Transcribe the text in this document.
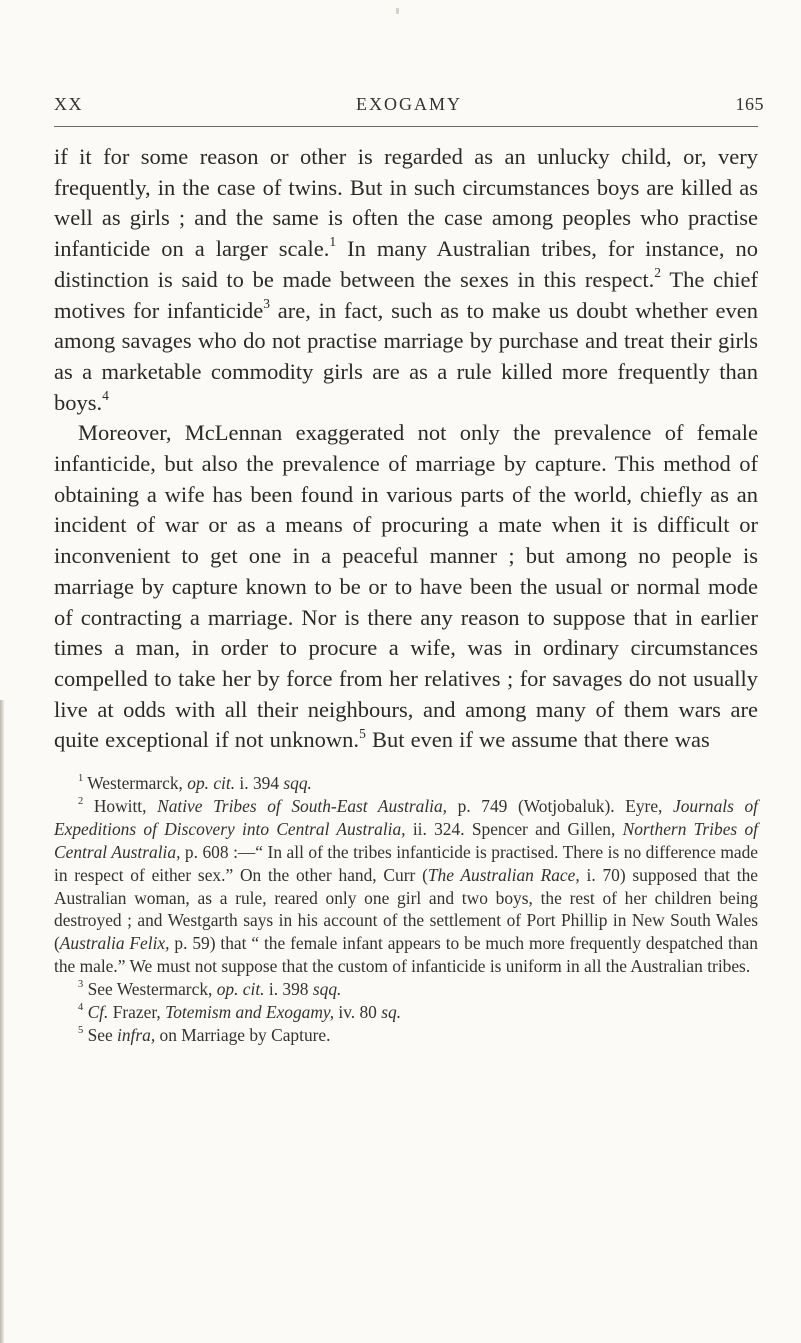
XX	EXOGAMY	165

if it for some reason or other is regarded as an unlucky child, or, very frequently, in the case of twins. But in such circumstances boys are killed as well as girls ; and the same is often the case among peoples who practise infanticide on a larger scale.$^1$ In many Australian tribes, for instance, no distinction is said to be made between the sexes in this respect.$^2$ The chief motives for infanticide$^3$ are, in fact, such as to make us doubt whether even among savages who do not practise marriage by purchase and treat their girls as a marketable commodity girls are as a rule killed more frequently than boys.$^4$

Moreover, McLennan exaggerated not only the prevalence of female infanticide, but also the prevalence of marriage by capture. This method of obtaining a wife has been found in various parts of the world, chiefly as an incident of war or as a means of procuring a mate when it is difficult or inconvenient to get one in a peaceful manner ; but among no people is marriage by capture known to be or to have been the usual or normal mode of contracting a marriage. Nor is there any reason to suppose that in earlier times a man, in order to procure a wife, was in ordinary circumstances compelled to take her by force from her relatives ; for savages do not usually live at odds with all their neighbours, and among many of them wars are quite exceptional if not unknown.$^5$ But even if we assume that there was

$^1$ Westermarck, op. cit. i. 394 sqq.

$^2$ Howitt, Native Tribes of South-East Australia, p. 749 (Wotjobaluk). Eyre, Journals of Expeditions of Discovery into Central Australia, ii. 324. Spencer and Gillen, Northern Tribes of Central Australia, p. 608 :—“ In all of the tribes infanticide is practised. There is no difference made in respect of either sex.” On the other hand, Curr (The Australian Race, i. 70) supposed that the Australian woman, as a rule, reared only one girl and two boys, the rest of her children being destroyed ; and Westgarth says in his account of the settlement of Port Phillip in New South Wales (Australia Felix, p. 59) that “ the female infant appears to be much more frequently despatched than the male.” We must not suppose that the custom of infanticide is uniform in all the Australian tribes.

$^3$ See Westermarck, op. cit. i. 398 sqq.

$^4$ Cf. Frazer, Totemism and Exogamy, iv. 80 sq.

$^5$ See infra, on Marriage by Capture.
